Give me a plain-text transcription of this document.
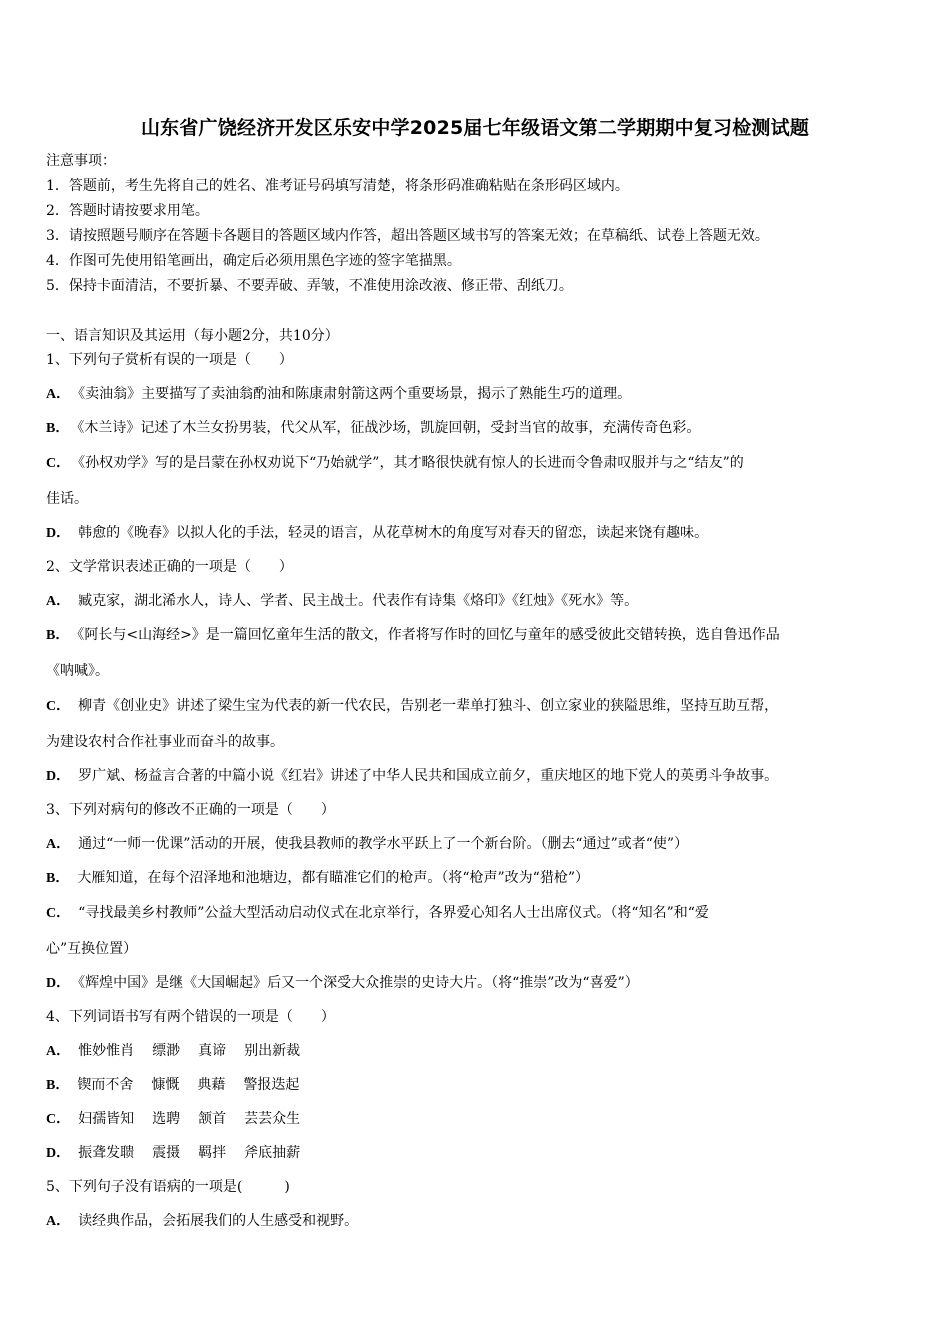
山东省广饶经济开发区乐安中学2025届七年级语文第二学期期中复习检测试题
注意事项：
1．答题前，考生先将自己的姓名、准考证号码填写清楚，将条形码准确粘贴在条形码区域内。
2．答题时请按要求用笔。
3．请按照题号顺序在答题卡各题目的答题区域内作答，超出答题区域书写的答案无效；在草稿纸、试卷上答题无效。
4．作图可先使用铅笔画出，确定后必须用黑色字迹的签字笔描黑。
5．保持卡面清洁，不要折暴、不要弄破、弄皱，不准使用涂改液、修正带、刮纸刀。
一、语言知识及其运用（每小题2分，共10分）
1、下列句子赏析有误的一项是（　　）
A． 《卖油翁》主要描写了卖油翁酌油和陈康肃射箭这两个重要场景，揭示了熟能生巧的道理。
B． 《木兰诗》记述了木兰女扮男装，代父从军，征战沙场，凯旋回朝，受封当官的故事，充满传奇色彩。
C． 《孙权劝学》写的是吕蒙在孙权劝说下“乃始就学”，其才略很快就有惊人的长进而令鲁肃叹服并与之“结友”的
佳话。
D． 韩愈的《晚春》以拟人化的手法，轻灵的语言，从花草树木的角度写对春天的留恋，读起来饶有趣味。
2、文学常识表述正确的一项是（　　）
A． 臧克家，湖北浠水人，诗人、学者、民主战士。代表作有诗集《烙印》《红烛》《死水》等。
B． 《阿长与<山海经>》是一篇回忆童年生活的散文，作者将写作时的回忆与童年的感受彼此交错转换，选自鲁迅作品
《呐喊》。
C． 柳青《创业史》讲述了梁生宝为代表的新一代农民，告别老一辈单打独斗、创立家业的狭隘思维，坚持互助互帮，
为建设农村合作社事业而奋斗的故事。
D． 罗广斌、杨益言合著的中篇小说《红岩》讲述了中华人民共和国成立前夕，重庆地区的地下党人的英勇斗争故事。
3、下列对病句的修改不正确的一项是（　　）
A． 通过“一师一优课”活动的开展，使我县教师的教学水平跃上了一个新台阶。（删去“通过”或者“使”）
B． 大雁知道，在每个沼泽地和池塘边，都有瞄准它们的枪声。（将“枪声”改为“猎枪”）
C． “寻找最美乡村教师”公益大型活动启动仪式在北京举行，各界爱心知名人士出席仪式。（将“知名”和“爱
心”互换位置）
D． 《辉煌中国》是继《大国崛起》后又一个深受大众推崇的史诗大片。（将“推崇”改为“喜爱”）
4、下列词语书写有两个错误的一项是（　　）
A． 惟妙惟肖 缥渺 真谛 别出新裁
B． 锲而不舍 慷慨 典藉 警报迭起
C． 妇孺皆知 选聘 颔首 芸芸众生
D． 振聋发聩 震摄 羁拌 斧底抽薪
5、下列句子没有语病的一项是(　　　)
A． 读经典作品，会拓展我们的人生感受和视野。
